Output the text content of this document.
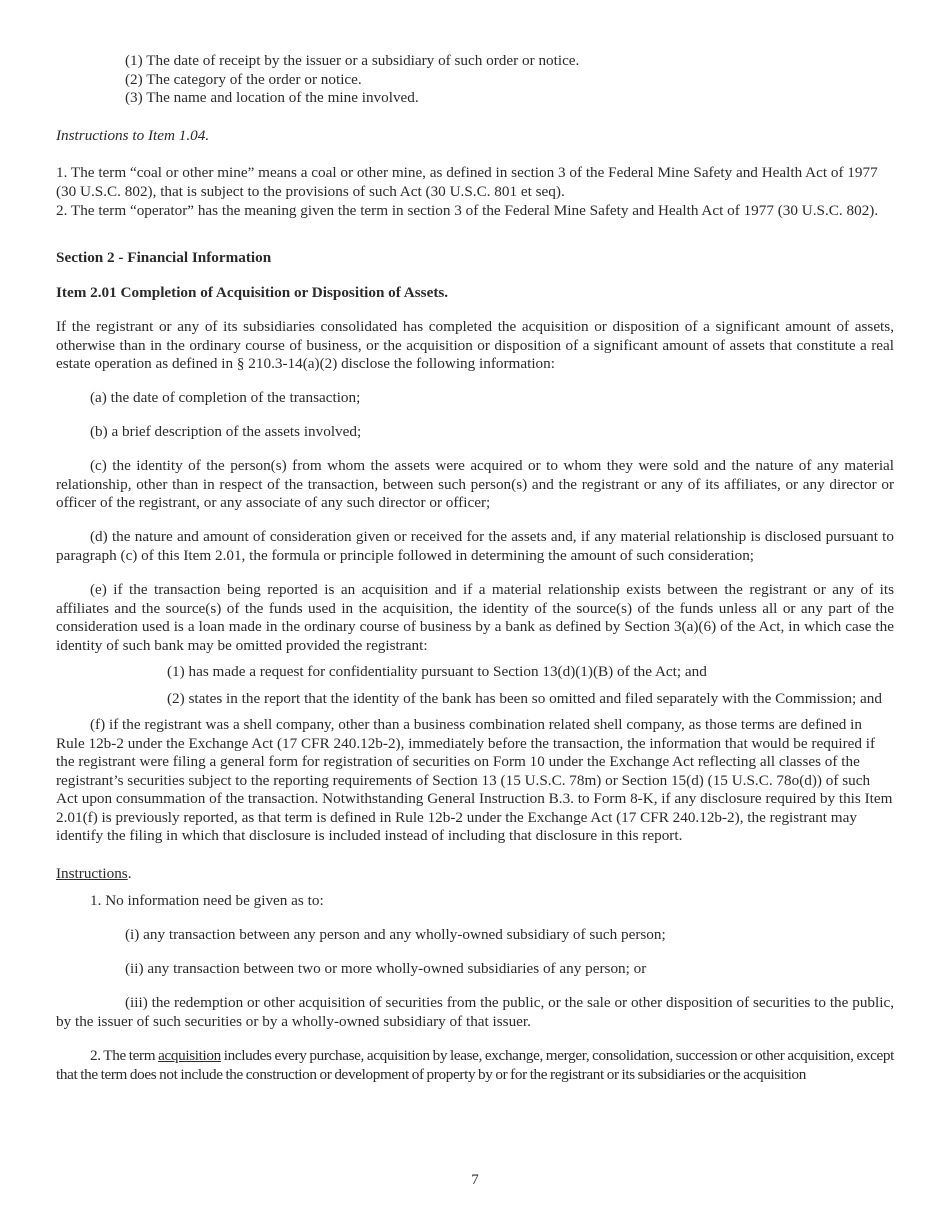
(1) The date of receipt by the issuer or a subsidiary of such order or notice.

(2) The category of the order or notice.

(3) The name and location of the mine involved.

Instructions to Item 1.04.

1. The term “coal or other mine” means a coal or other mine, as defined in section 3 of the Federal Mine Safety and Health Act of 1977 (30 U.S.C. 802), that is subject to the provisions of such Act (30 U.S.C. 801 et seq).

2. The term “operator” has the meaning given the term in section 3 of the Federal Mine Safety and Health Act of 1977 (30 U.S.C. 802).

Section 2 - Financial Information

Item 2.01 Completion of Acquisition or Disposition of Assets.

If the registrant or any of its subsidiaries consolidated has completed the acquisition or disposition of a significant amount of assets, otherwise than in the ordinary course of business, or the acquisition or disposition of a significant amount of assets that constitute a real estate operation as defined in § 210.3-14(a)(2) disclose the following information:

(a) the date of completion of the transaction;

(b) a brief description of the assets involved;

(c) the identity of the person(s) from whom the assets were acquired or to whom they were sold and the nature of any material relationship, other than in respect of the transaction, between such person(s) and the registrant or any of its affiliates, or any director or officer of the registrant, or any associate of any such director or officer;

(d) the nature and amount of consideration given or received for the assets and, if any material relationship is disclosed pursuant to paragraph (c) of this Item 2.01, the formula or principle followed in determining the amount of such consideration;

(e) if the transaction being reported is an acquisition and if a material relationship exists between the registrant or any of its affiliates and the source(s) of the funds used in the acquisition, the identity of the source(s) of the funds unless all or any part of the consideration used is a loan made in the ordinary course of business by a bank as defined by Section 3(a)(6) of the Act, in which case the identity of such bank may be omitted provided the registrant:

(1) has made a request for confidentiality pursuant to Section 13(d)(1)(B) of the Act; and

(2) states in the report that the identity of the bank has been so omitted and filed separately with the Commission; and

(f) if the registrant was a shell company, other than a business combination related shell company, as those terms are defined in Rule 12b-2 under the Exchange Act (17 CFR 240.12b-2), immediately before the transaction, the information that would be required if the registrant were filing a general form for registration of securities on Form 10 under the Exchange Act reflecting all classes of the registrant’s securities subject to the reporting requirements of Section 13 (15 U.S.C. 78m) or Section 15(d) (15 U.S.C. 78o(d)) of such Act upon consummation of the transaction. Notwithstanding General Instruction B.3. to Form 8-K, if any disclosure required by this Item 2.01(f) is previously reported, as that term is defined in Rule 12b-2 under the Exchange Act (17 CFR 240.12b-2), the registrant may identify the filing in which that disclosure is included instead of including that disclosure in this report.

Instructions.

1. No information need be given as to:

(i) any transaction between any person and any wholly-owned subsidiary of such person;

(ii) any transaction between two or more wholly-owned subsidiaries of any person; or

(iii) the redemption or other acquisition of securities from the public, or the sale or other disposition of securities to the public, by the issuer of such securities or by a wholly-owned subsidiary of that issuer.

2. The term acquisition includes every purchase, acquisition by lease, exchange, merger, consolidation, succession or other acquisition, except that the term does not include the construction or development of property by or for the registrant or its subsidiaries or the acquisition

7
